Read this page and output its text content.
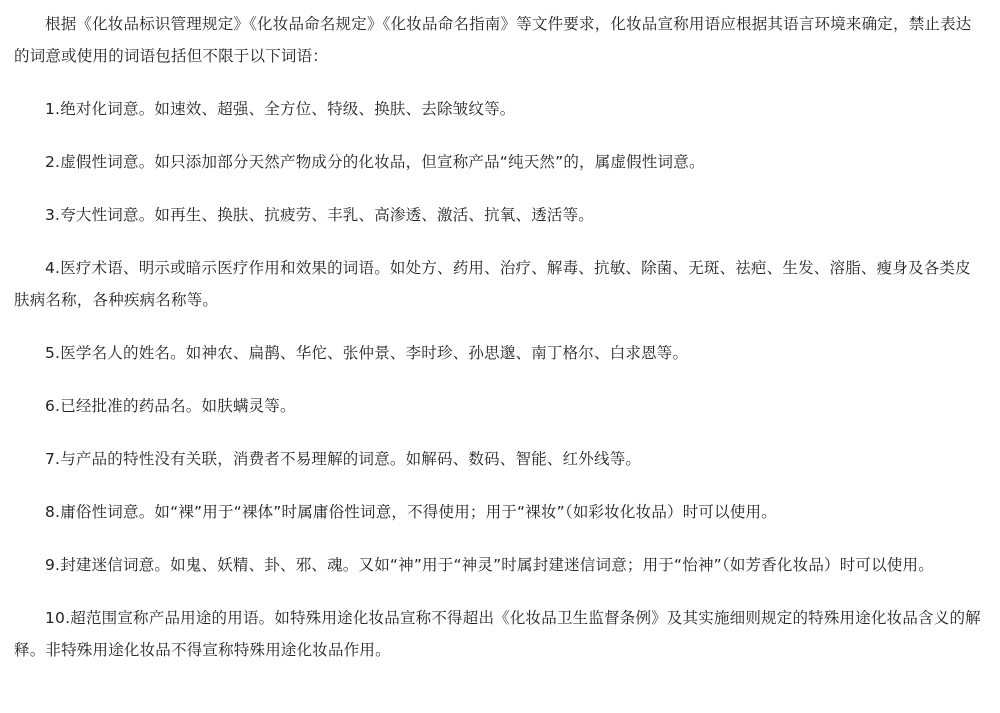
根据《化妆品标识管理规定》《化妆品命名规定》《化妆品命名指南》等文件要求，化妆品宣称用语应根据其语言环境来确定，禁止表达的词意或使用的词语包括但不限于以下词语：

1.绝对化词意。如速效、超强、全方位、特级、换肤、去除皱纹等。

2.虚假性词意。如只添加部分天然产物成分的化妆品，但宣称产品“纯天然”的，属虚假性词意。

3.夸大性词意。如再生、换肤、抗疲劳、丰乳、高渗透、激活、抗氧、透活等。

4.医疗术语、明示或暗示医疗作用和效果的词语。如处方、药用、治疗、解毒、抗敏、除菌、无斑、祛疤、生发、溶脂、瘦身及各类皮肤病名称，各种疾病名称等。

5.医学名人的姓名。如神农、扁鹊、华佗、张仲景、李时珍、孙思邈、南丁格尔、白求恩等。

6.已经批准的药品名。如肤螨灵等。

7.与产品的特性没有关联，消费者不易理解的词意。如解码、数码、智能、红外线等。

8.庸俗性词意。如“裸”用于“裸体”时属庸俗性词意，不得使用；用于“裸妆”（如彩妆化妆品）时可以使用。

9.封建迷信词意。如鬼、妖精、卦、邪、魂。又如“神”用于“神灵”时属封建迷信词意；用于“怡神”（如芳香化妆品）时可以使用。

10.超范围宣称产品用途的用语。如特殊用途化妆品宣称不得超出《化妆品卫生监督条例》及其实施细则规定的特殊用途化妆品含义的解释。非特殊用途化妆品不得宣称特殊用途化妆品作用。
